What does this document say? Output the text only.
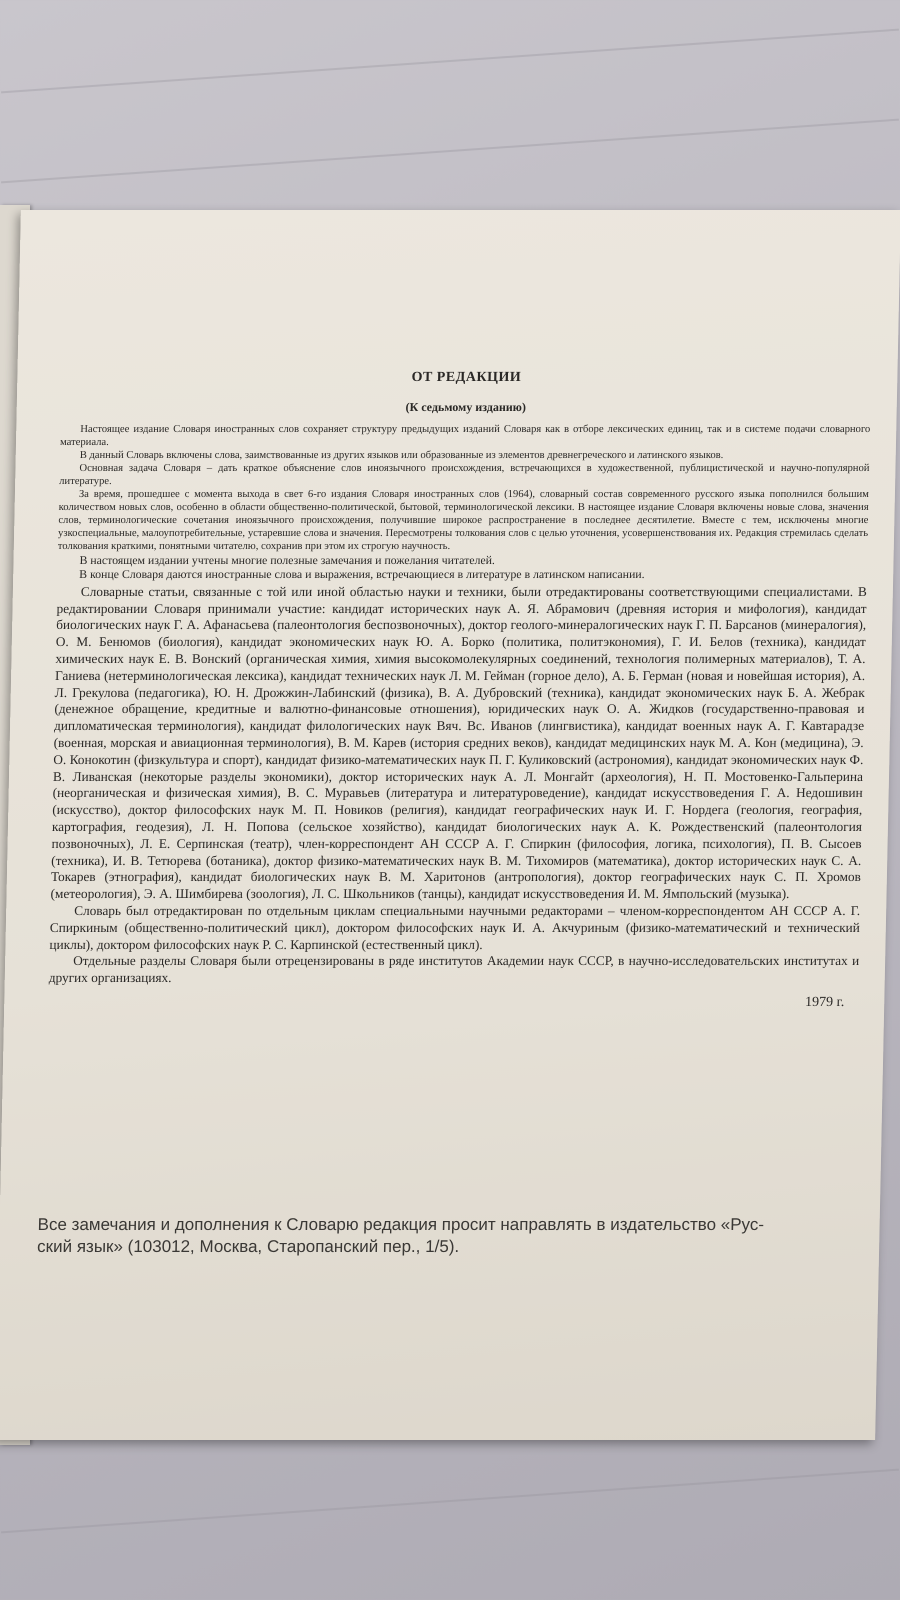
ОТ РЕДАКЦИИ
(К седьмому изданию)

Настоящее издание Словаря иностранных слов сохраняет структуру предыдущих изданий Словаря как в отборе лексических единиц, так и в системе подачи словарного материала.

В данный Словарь включены слова, заимствованные из других языков или образованные из элементов древнегреческого и латинского языков.

Основная задача Словаря – дать краткое объяснение слов иноязычного происхождения, встречающихся в художественной, публицистической и научно-популярной литературе.

За время, прошедшее с момента выхода в свет 6-го издания Словаря иностранных слов (1964), словарный состав современного русского языка пополнился большим количеством новых слов, особенно в области общественно-политической, бытовой, терминологической лексики. В настоящее издание Словаря включены новые слова, значения слов, терминологические сочетания иноязычного происхождения, получившие широкое распространение в последнее десятилетие. Вместе с тем, исключены многие узкоспециальные, малоупотребительные, устаревшие слова и значения. Пересмотрены толкования слов с целью уточнения, усовершенствования их. Редакция стремилась сделать толкования краткими, понятными читателю, сохранив при этом их строгую научность.

В настоящем издании учтены многие полезные замечания и пожелания читателей.

В конце Словаря даются иностранные слова и выражения, встречающиеся в литературе в латинском написании.

Словарные статьи, связанные с той или иной областью науки и техники, были отредактированы соответствующими специалистами. В редактировании Словаря принимали участие: кандидат исторических наук А. Я. Абрамович (древняя история и мифология), кандидат биологических наук Г. А. Афанасьева (палеонтология беспозвоночных), доктор геолого-минералогических наук Г. П. Барсанов (минералогия), О. М. Бенюмов (биология), кандидат экономических наук Ю. А. Борко (политика, политэкономия), Г. И. Белов (техника), кандидат химических наук Е. В. Вонский (органическая химия, химия высокомолекулярных соединений, технология полимерных материалов), Т. А. Ганиева (нетерминологическая лексика), кандидат технических наук Л. М. Гейман (горное дело), А. Б. Герман (новая и новейшая история), А. Л. Грекулова (педагогика), Ю. Н. Дрожжин-Лабинский (физика), В. А. Дубровский (техника), кандидат экономических наук Б. А. Жебрак (денежное обращение, кредитные и валютно-финансовые отношения), юридических наук О. А. Жидков (государственно-правовая и дипломатическая терминология), кандидат филологических наук Вяч. Вс. Иванов (лингвистика), кандидат военных наук А. Г. Кавтарадзе (военная, морская и авиационная терминология), В. М. Карев (история средних веков), кандидат медицинских наук М. А. Кон (медицина), Э. О. Конокотин (физкультура и спорт), кандидат физико-математических наук П. Г. Куликовский (астрономия), кандидат экономических наук Ф. В. Ливанская (некоторые разделы экономики), доктор исторических наук А. Л. Монгайт (археология), Н. П. Мостовенко-Гальперина (неорганическая и физическая химия), В. С. Муравьев (литература и литературоведение), кандидат искусствоведения Г. А. Недошивин (искусство), доктор философских наук М. П. Новиков (религия), кандидат географических наук И. Г. Нордега (геология, география, картография, геодезия), Л. Н. Попова (сельское хозяйство), кандидат биологических наук А. К. Рождественский (палеонтология позвоночных), Л. Е. Серпинская (театр), член-корреспондент АН СССР А. Г. Спиркин (философия, логика, психология), П. В. Сысоев (техника), И. В. Тетюрева (ботаника), доктор физико-математических наук В. М. Тихомиров (математика), доктор исторических наук С. А. Токарев (этнография), кандидат биологических наук В. М. Харитонов (антропология), доктор географических наук С. П. Хромов (метеорология), Э. А. Шимбирева (зоология), Л. С. Школьников (танцы), кандидат искусствоведения И. М. Ямпольский (музыка).

Словарь был отредактирован по отдельным циклам специальными научными редакторами – членом-корреспондентом АН СССР А. Г. Спиркиным (общественно-политический цикл), доктором философских наук И. А. Акчуриным (физико-математический и технический циклы), доктором философских наук Р. С. Карпинской (естественный цикл).

Отдельные разделы Словаря были отрецензированы в ряде институтов Академии наук СССР, в научно-исследовательских институтах и других организациях.

1979 г.
Все замечания и дополнения к Словарю редакция просит направлять в издательство «Рус-
ский язык» (103012, Москва, Старопанский пер., 1/5).
